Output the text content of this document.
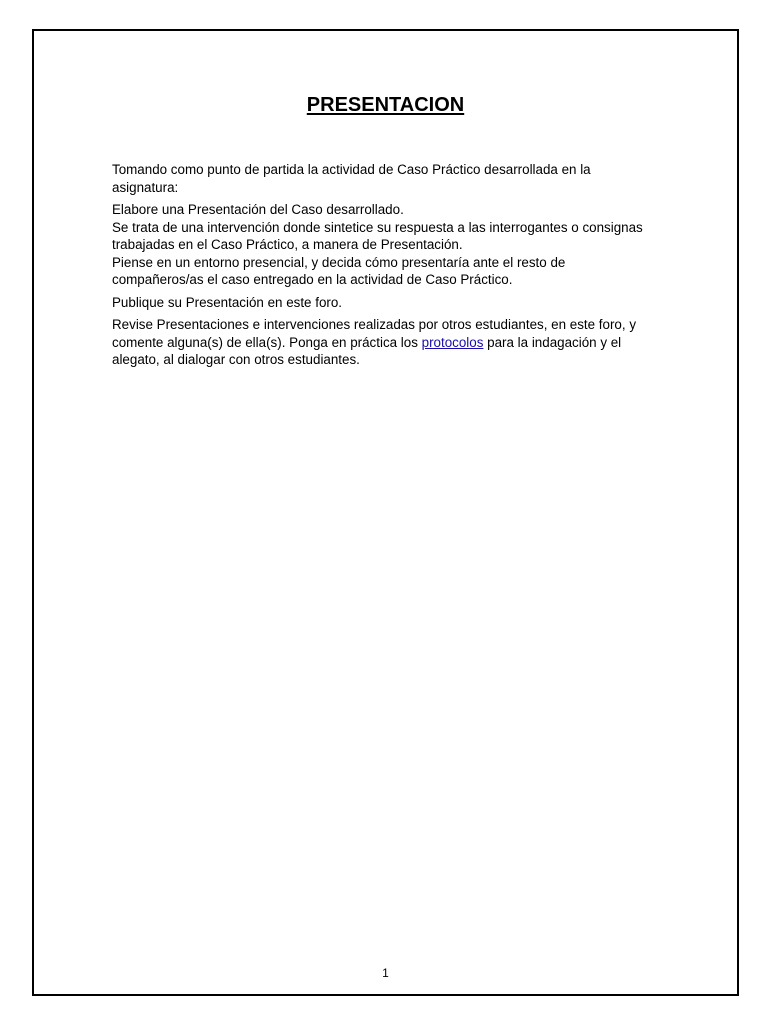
PRESENTACION

Tomando como punto de partida la actividad de Caso Práctico desarrollada en la
asignatura:

Elabore una Presentación del Caso desarrollado.
Se trata de una intervención donde sintetice su respuesta a las interrogantes o consignas
trabajadas en el Caso Práctico, a manera de Presentación.
Piense en un entorno presencial, y decida cómo presentaría ante el resto de
compañeros/as el caso entregado en la actividad de Caso Práctico.

Publique su Presentación en este foro.

Revise Presentaciones e intervenciones realizadas por otros estudiantes, en este foro, y
comente alguna(s) de ella(s). Ponga en práctica los protocolos para la indagación y el
alegato, al dialogar con otros estudiantes.

1
